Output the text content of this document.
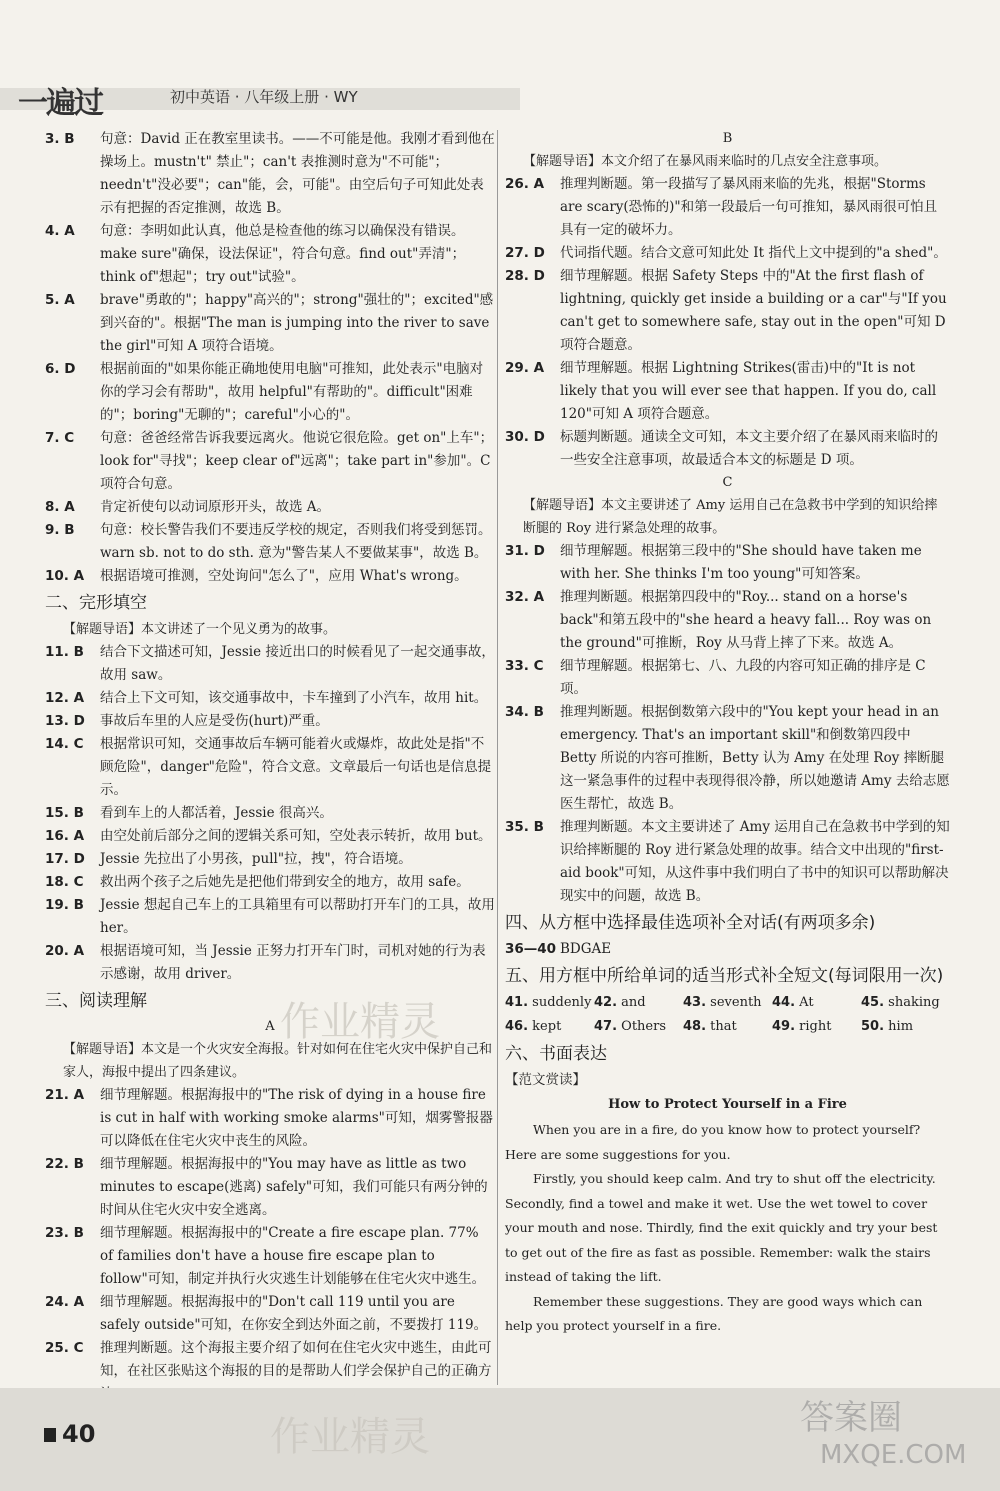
一遍过	初中英语 · 八年级上册 · WY
3. B	句意：David 正在教室里读书。——不可能是他。我刚才看到他在操场上。mustn't" 禁止"；can't 表推测时意为"不可能"；needn't"没必要"；can"能，会，可能"。由空后句子可知此处表示有把握的否定推测，故选 B。
4. A	句意：李明如此认真，他总是检查他的练习以确保没有错误。make sure"确保，设法保证"，符合句意。find out"弄清"；think of"想起"；try out"试验"。
5. A	brave"勇敢的"；happy"高兴的"；strong"强壮的"；excited"感到兴奋的"。根据"The man is jumping into the river to save the girl"可知 A 项符合语境。
6. D	根据前面的"如果你能正确地使用电脑"可推知，此处表示"电脑对你的学习会有帮助"，故用 helpful"有帮助的"。difficult"困难的"；boring"无聊的"；careful"小心的"。
7. C	句意：爸爸经常告诉我要远离火。他说它很危险。get on"上车"；look for"寻找"；keep clear of"远离"；take part in"参加"。C 项符合句意。
8. A	肯定祈使句以动词原形开头，故选 A。
9. B	句意：校长警告我们不要违反学校的规定，否则我们将受到惩罚。warn sb. not to do sth. 意为"警告某人不要做某事"，故选 B。
10. A	根据语境可推测，空处询问"怎么了"，应用 What's wrong。
二、完形填空
【解题导语】本文讲述了一个见义勇为的故事。
11. B	结合下文描述可知，Jessie 接近出口的时候看见了一起交通事故，故用 saw。
12. A	结合上下文可知，该交通事故中，卡车撞到了小汽车，故用 hit。
13. D	事故后车里的人应是受伤(hurt)严重。
14. C	根据常识可知，交通事故后车辆可能着火或爆炸，故此处是指"不顾危险"，danger"危险"，符合文意。文章最后一句话也是信息提示。
15. B	看到车上的人都活着，Jessie 很高兴。
16. A	由空处前后部分之间的逻辑关系可知，空处表示转折，故用 but。
17. D	Jessie 先拉出了小男孩，pull"拉，拽"，符合语境。
18. C	救出两个孩子之后她先是把他们带到安全的地方，故用 safe。
19. B	Jessie 想起自己车上的工具箱里有可以帮助打开车门的工具，故用 her。
20. A	根据语境可知，当 Jessie 正努力打开车门时，司机对她的行为表示感谢，故用 driver。
三、阅读理解
A
【解题导语】本文是一个火灾安全海报。针对如何在住宅火灾中保护自己和家人，海报中提出了四条建议。
21. A	细节理解题。根据海报中的"The risk of dying in a house fire is cut in half with working smoke alarms"可知，烟雾警报器可以降低在住宅火灾中丧生的风险。
22. B	细节理解题。根据海报中的"You may have as little as two minutes to escape(逃离) safely"可知，我们可能只有两分钟的时间从住宅火灾中安全逃离。
23. B	细节理解题。根据海报中的"Create a fire escape plan. 77% of families don't have a house fire escape plan to follow"可知，制定并执行火灾逃生计划能够在住宅火灾中逃生。
24. A	细节理解题。根据海报中的"Don't call 119 until you are safely outside"可知，在你安全到达外面之前，不要拨打 119。
25. C	推理判断题。这个海报主要介绍了如何在住宅火灾中逃生，由此可知，在社区张贴这个海报的目的是帮助人们学会保护自己的正确方
B
【解题导语】本文介绍了在暴风雨来临时的几点安全注意事项。
26. A	推理判断题。第一段描写了暴风雨来临的先兆，根据"Storms are scary(恐怖的)"和第一段最后一句可推知，暴风雨很可怕且具有一定的破坏力。
27. D	代词指代题。结合文意可知此处 It 指代上文中提到的"a shed"。
28. D	细节理解题。根据 Safety Steps 中的"At the first flash of lightning, quickly get inside a building or a car"与"If you can't get to somewhere safe, stay out in the open"可知 D 项符合题意。
29. A	细节理解题。根据 Lightning Strikes(雷击)中的"It is not likely that you will ever see that happen. If you do, call 120"可知 A 项符合题意。
30. D	标题判断题。通读全文可知，本文主要介绍了在暴风雨来临时的一些安全注意事项，故最适合本文的标题是 D 项。
C
【解题导语】本文主要讲述了 Amy 运用自己在急救书中学到的知识给摔断腿的 Roy 进行紧急处理的故事。
31. D	细节理解题。根据第三段中的"She should have taken me with her. She thinks I'm too young"可知答案。
32. A	推理判断题。根据第四段中的"Roy... stand on a horse's back"和第五段中的"she heard a heavy fall... Roy was on the ground"可推断，Roy 从马背上摔了下来。故选 A。
33. C	细节理解题。根据第七、八、九段的内容可知正确的排序是 C 项。
34. B	推理判断题。根据倒数第六段中的"You kept your head in an emergency. That's an important skill"和倒数第四段中 Betty 所说的内容可推断，Betty 认为 Amy 在处理 Roy 摔断腿这一紧急事件的过程中表现得很冷静，所以她邀请 Amy 去给志愿医生帮忙，故选 B。
35. B	推理判断题。本文主要讲述了 Amy 运用自己在急救书中学到的知识给摔断腿的 Roy 进行紧急处理的故事。结合文中出现的"first-aid book"可知，从这件事中我们明白了书中的知识可以帮助解决现实中的问题，故选 B。
四、从方框中选择最佳选项补全对话(有两项多余)
36—40 BDGAE
五、用方框中所给单词的适当形式补全短文(每词限用一次)
41. suddenly 42. and	43. seventh 44. At	45. shaking
46. kept	47. Others	48. that	49. right	50. him
六、书面表达
【范文赏读】
How to Protect Yourself in a Fire

When you are in a fire, do you know how to protect yourself? Here are some suggestions for you.

Firstly, you should keep calm. And try to shut off the electricity. Secondly, find a towel and make it wet. Use the wet towel to cover your mouth and nose. Thirdly, find the exit quickly and try your best to get out of the fire as fast as possible. Remember: walk the stairs instead of taking the lift.

Remember these suggestions. They are good ways which can help you protect yourself in a fire.

作业精灵
40	作业精灵	答案圈
MXQE.COM
